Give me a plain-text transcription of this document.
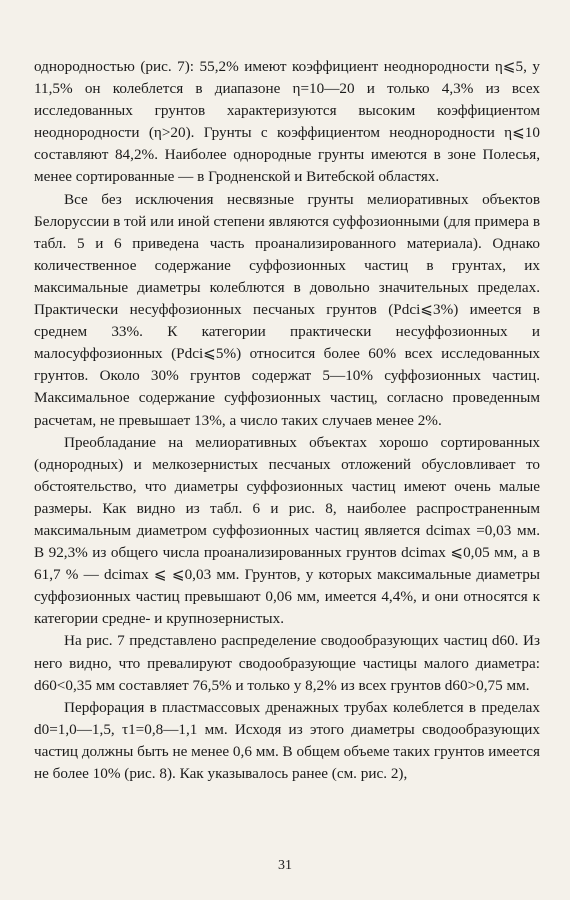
однородностью (рис. 7): 55,2% имеют коэффициент неоднородности η⩽5, у 11,5% он колеблется в диапазоне η=10—20 и только 4,3% из всех исследованных грунтов характеризуются высоким коэффициентом неоднородности (η>20). Грунты с коэффициентом неоднородности η⩽10 составляют 84,2%. Наиболее однородные грунты имеются в зоне Полесья, менее сортированные — в Гродненской и Витебской областях.

Все без исключения несвязные грунты мелиоративных объектов Белоруссии в той или иной степени являются суффозионными (для примера в табл. 5 и 6 приведена часть проанализированного материала). Однако количественное содержание суффозионных частиц в грунтах, их максимальные диаметры колеблются в довольно значительных пределах. Практически несуффозионных песчаных грунтов (Pdci⩽3%) имеется в среднем 33%. К категории практически несуффозионных и малосуффозионных (Pdci⩽5%) относится более 60% всех исследованных грунтов. Около 30% грунтов содержат 5—10% суффозионных частиц. Максимальное содержание суффозионных частиц, согласно проведенным расчетам, не превышает 13%, а число таких случаев менее 2%.

Преобладание на мелиоративных объектах хорошо сортированных (однородных) и мелкозернистых песчаных отложений обусловливает то обстоятельство, что диаметры суффозионных частиц имеют очень малые размеры. Как видно из табл. 6 и рис. 8, наиболее распространенным максимальным диаметром суффозионных частиц является dcimax =0,03 мм. В 92,3% из общего числа проанализированных грунтов dcimax ⩽0,05 мм, а в 61,7 % — dcimax ⩽ ⩽0,03 мм. Грунтов, у которых максимальные диаметры суффозионных частиц превышают 0,06 мм, имеется 4,4%, и они относятся к категории средне- и крупнозернистых.

На рис. 7 представлено распределение сводообразующих частиц d60. Из него видно, что превалируют сводообразующие частицы малого диаметра: d60<0,35 мм составляет 76,5% и только у 8,2% из всех грунтов d60>0,75 мм.

Перфорация в пластмассовых дренажных трубах колеблется в пределах d0=1,0—1,5, τ1=0,8—1,1 мм. Исходя из этого диаметры сводообразующих частиц должны быть не менее 0,6 мм. В общем объеме таких грунтов имеется не более 10% (рис. 8). Как указывалось ранее (см. рис. 2),

31
